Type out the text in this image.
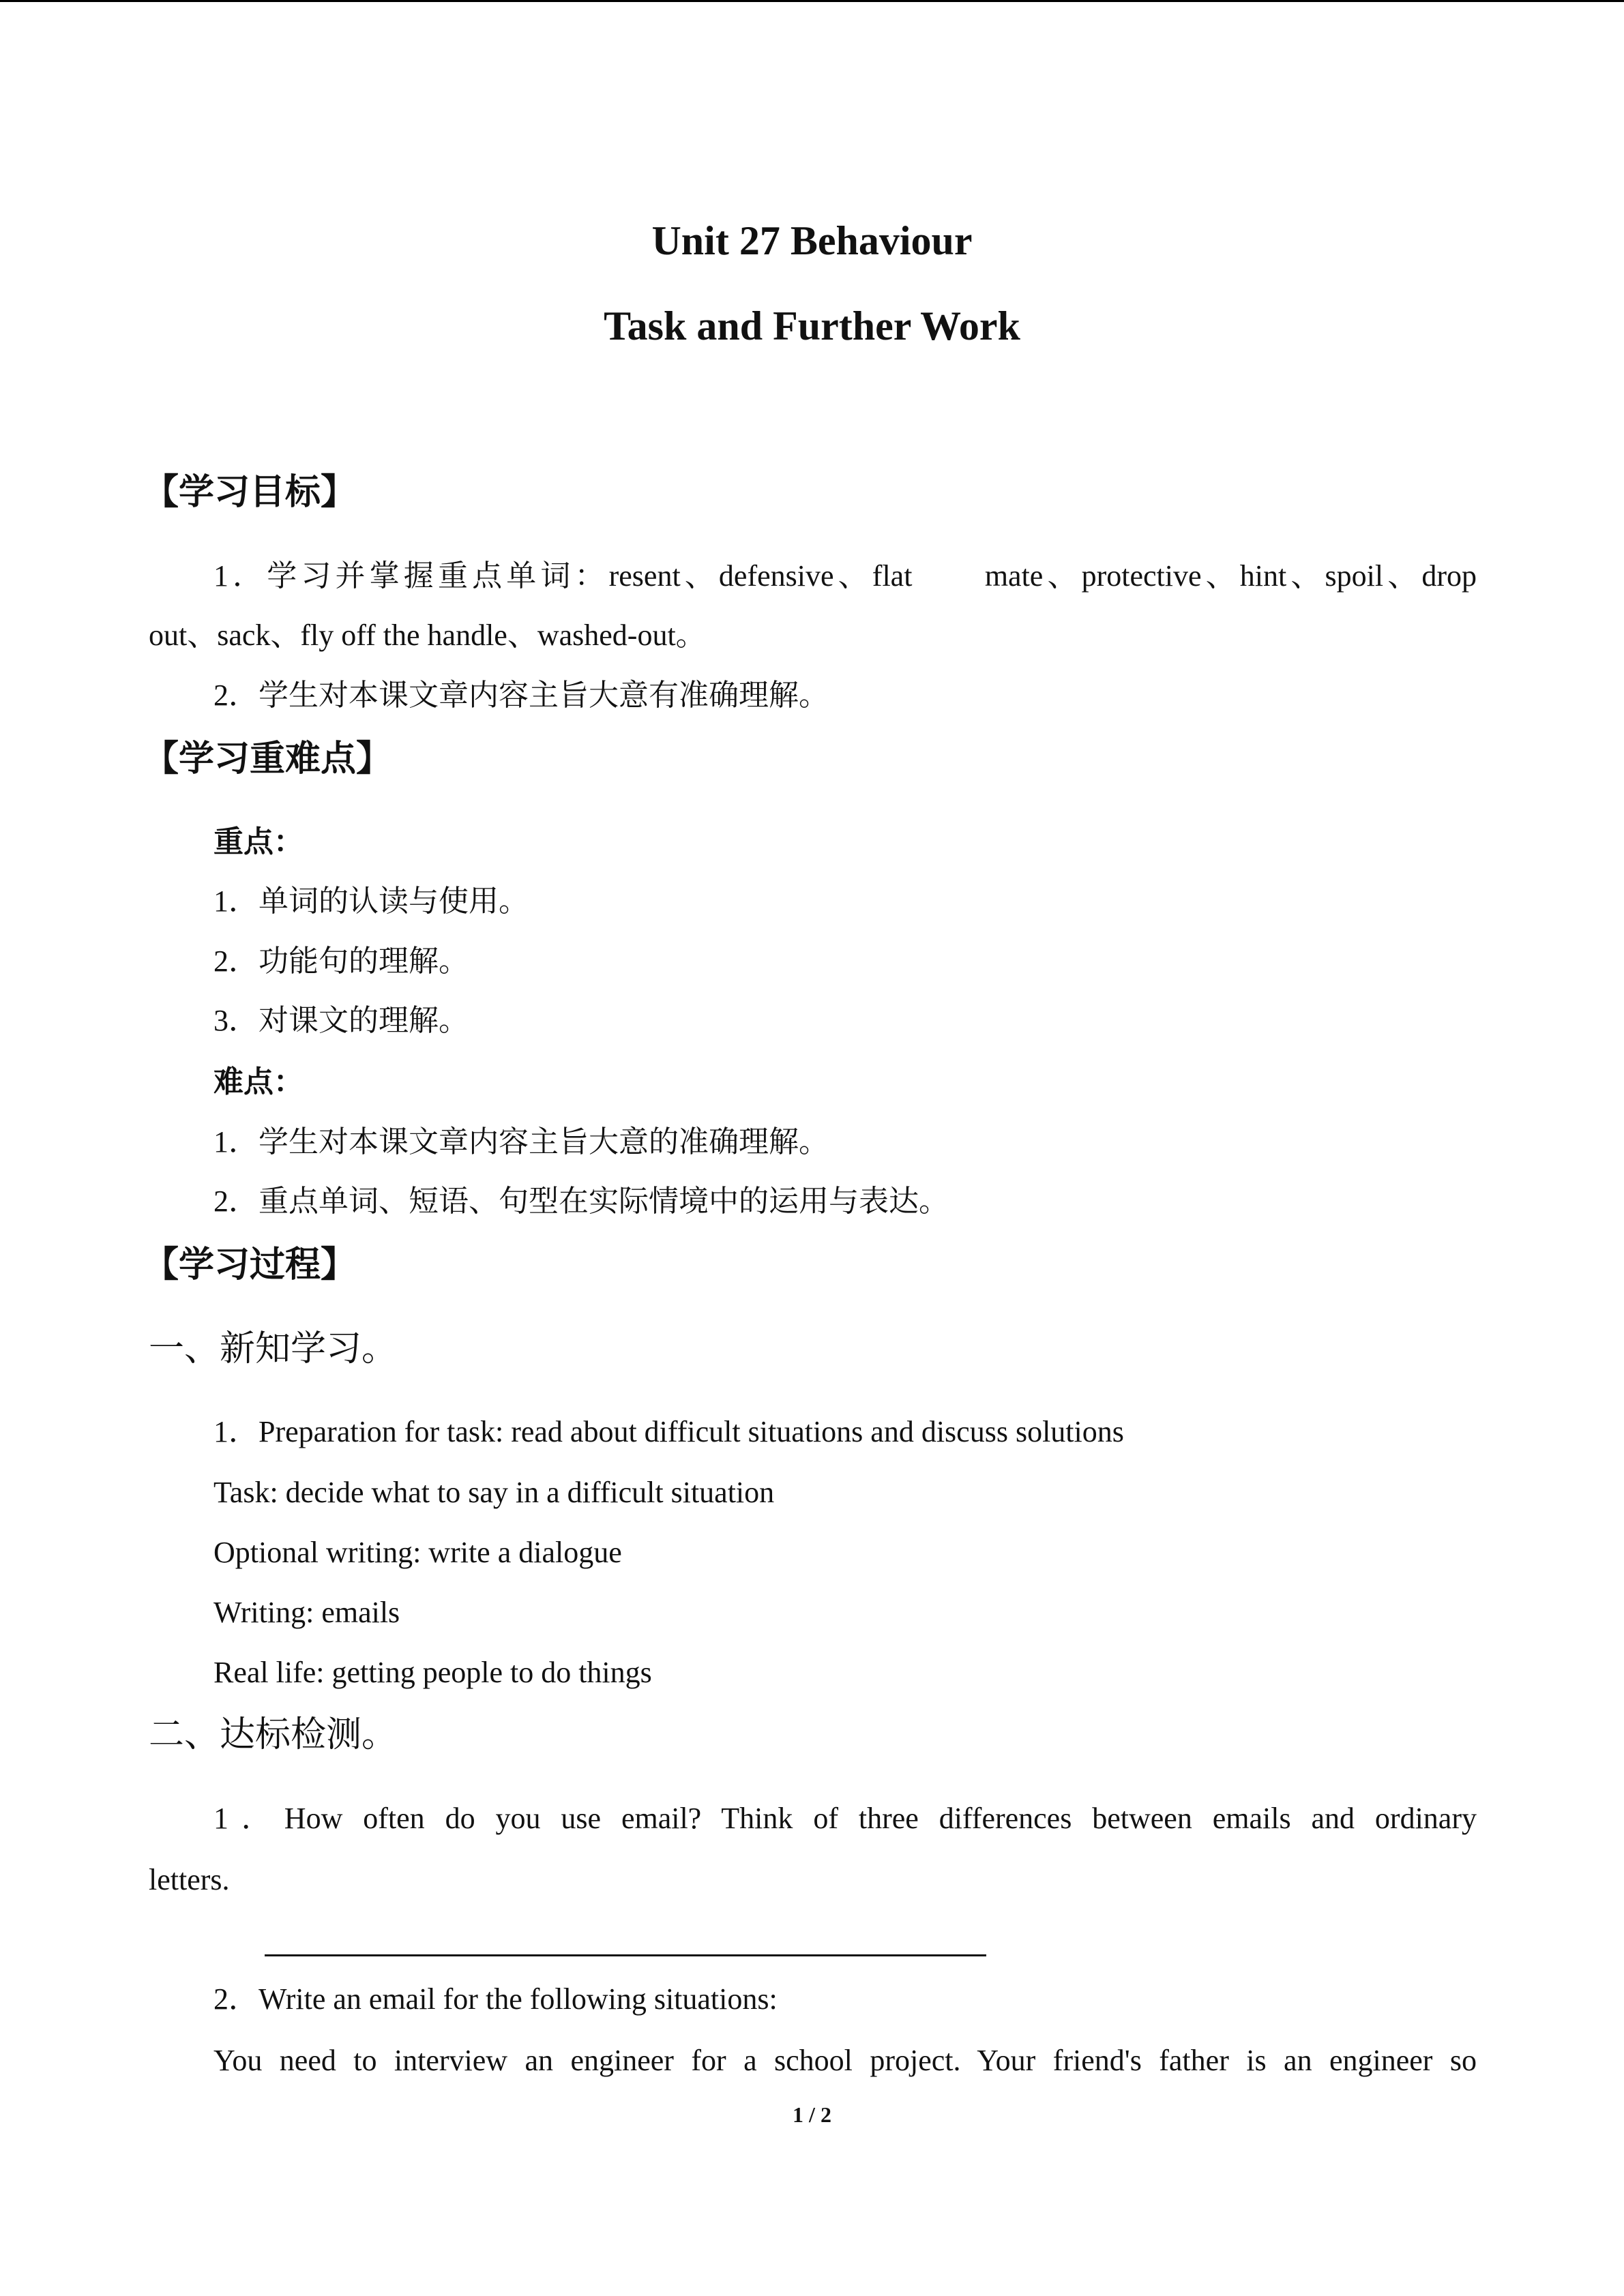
Unit 27 Behaviour
Task and Further Work
【学习目标】
1．学习并掌握重点单词：resent、defensive、flat　　mate、protective、hint、spoil、drop
out、sack、fly off the handle、washed-out。
2．学生对本课文章内容主旨大意有准确理解。
【学习重难点】
重点：
1．单词的认读与使用。
2．功能句的理解。
3．对课文的理解。
难点：
1．学生对本课文章内容主旨大意的准确理解。
2．重点单词、短语、句型在实际情境中的运用与表达。
【学习过程】
一、新知学习。
1．Preparation for task: read about difficult situations and discuss solutions
Task: decide what to say in a difficult situation
Optional writing: write a dialogue
Writing: emails
Real life: getting people to do things
二、达标检测。
1．How often do you use email? Think of three differences between emails and ordinary
letters.
2．Write an email for the following situations:
You need to interview an engineer for a school project. Your friend's father is an engineer so
1 / 2
